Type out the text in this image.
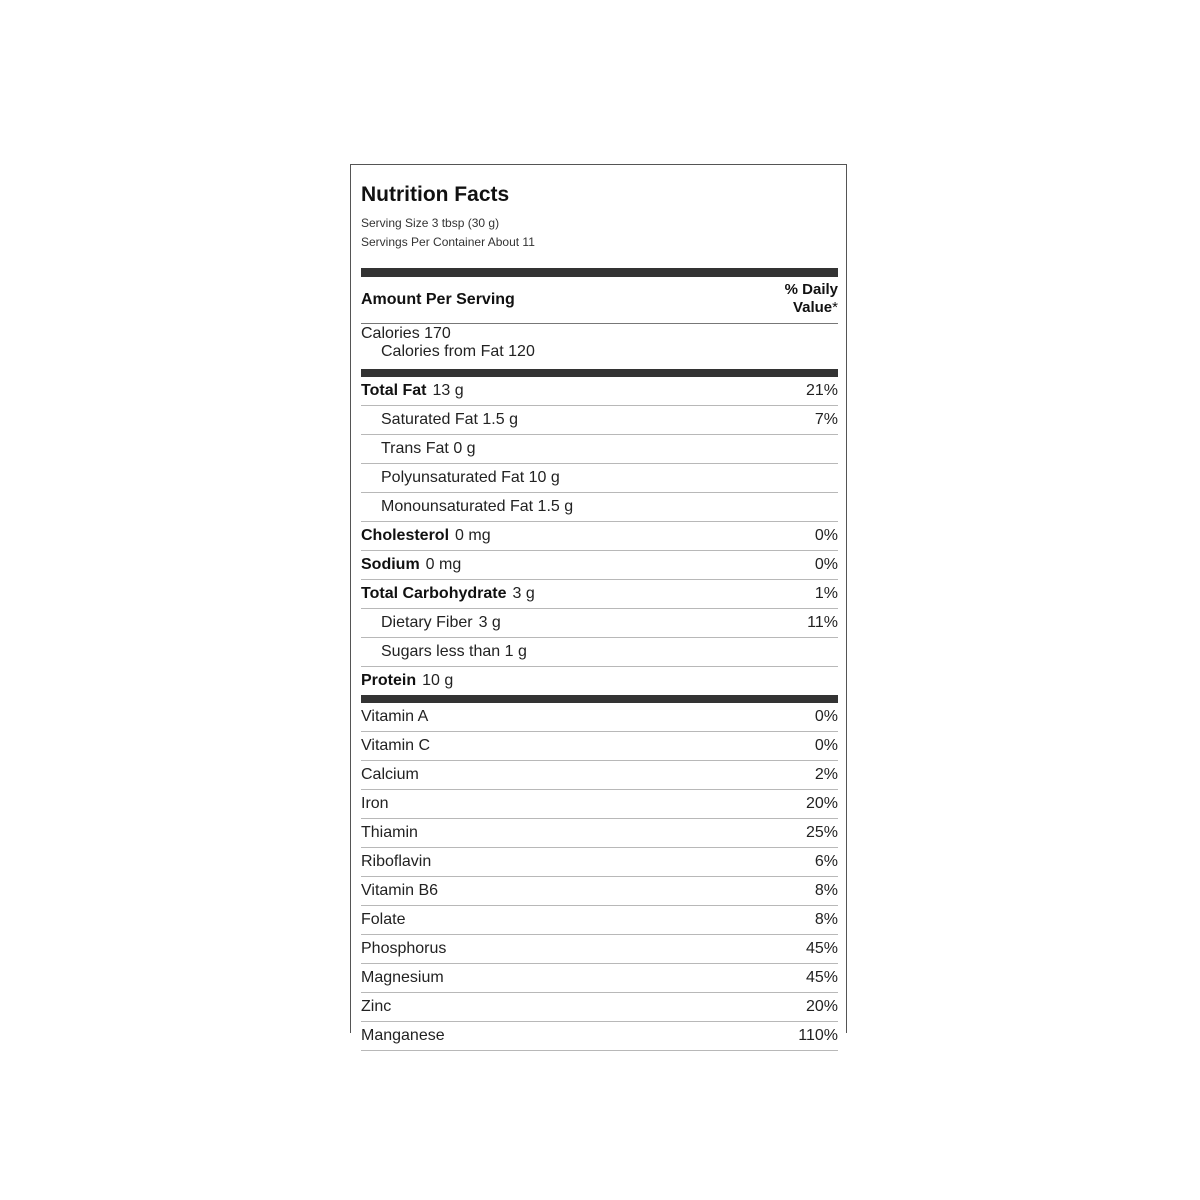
Nutrition Facts
Serving Size 3 tbsp (30 g)
Servings Per Container About 11
Amount Per Serving
% Daily
Value*
Calories 170
Calories from Fat 120
Total Fat 13 g	21%
Saturated Fat 1.5 g	7%
Trans Fat 0 g
Polyunsaturated Fat 10 g
Monounsaturated Fat 1.5 g
Cholesterol 0 mg	0%
Sodium 0 mg	0%
Total Carbohydrate 3 g	1%
Dietary Fiber 3 g	11%
Sugars less than 1 g
Protein 10 g
Vitamin A	0%
Vitamin C	0%
Calcium	2%
Iron	20%
Thiamin	25%
Riboflavin	6%
Vitamin B6	8%
Folate	8%
Phosphorus	45%
Magnesium	45%
Zinc	20%
Manganese	110%
